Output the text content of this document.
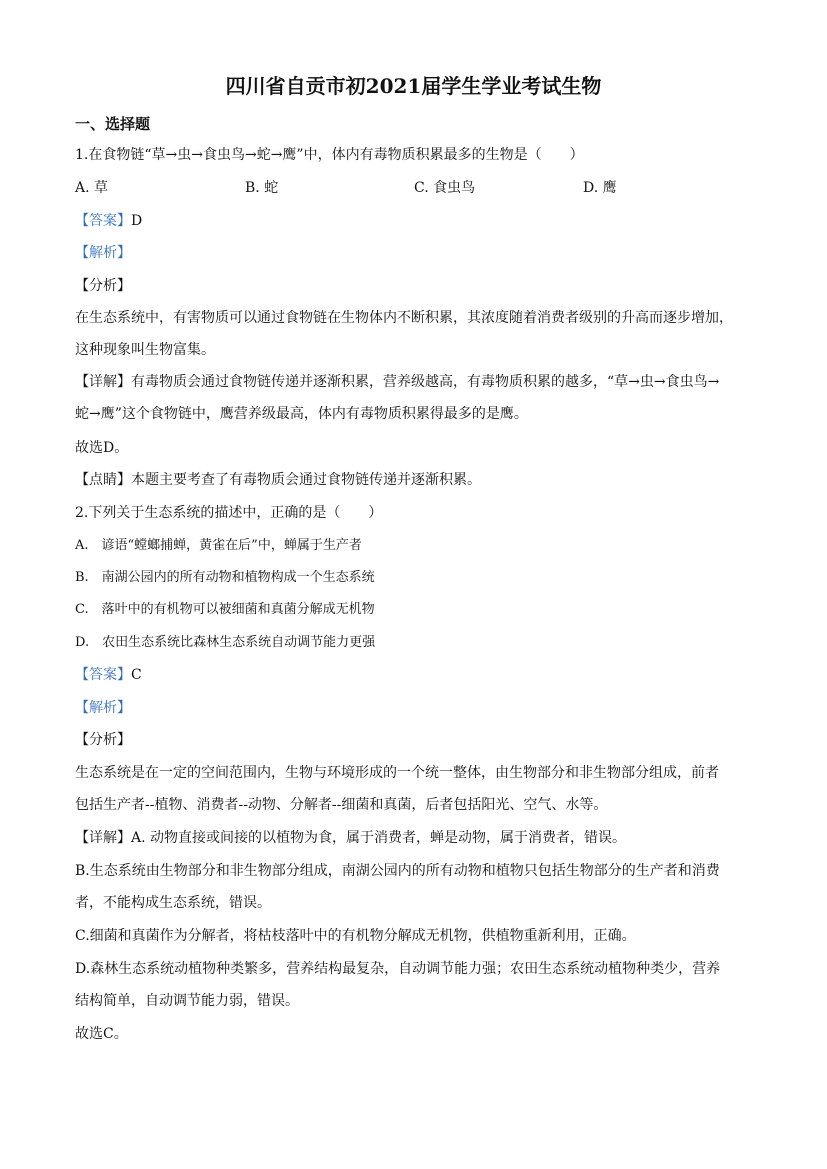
四川省自贡市初2021届学生学业考试生物
一、选择题
1.在食物链“草→虫→食虫鸟→蛇→鹰”中，体内有毒物质积累最多的生物是（　　）
A. 草	B. 蛇	C. 食虫鸟	D. 鹰
【答案】D
【解析】
【分析】
在生态系统中，有害物质可以通过食物链在生物体内不断积累，其浓度随着消费者级别的升高而逐步增加，
这种现象叫生物富集。
【详解】有毒物质会通过食物链传递并逐渐积累，营养级越高，有毒物质积累的越多，“草→虫→食虫鸟→
蛇→鹰”这个食物链中，鹰营养级最高，体内有毒物质积累得最多的是鹰。
故选D。
【点睛】本题主要考查了有毒物质会通过食物链传递并逐渐积累。
2.下列关于生态系统的描述中，正确的是（　　）
A.　谚语“螳螂捕蝉，黄雀在后”中，蝉属于生产者
B.　南湖公园内的所有动物和植物构成一个生态系统
C.　落叶中的有机物可以被细菌和真菌分解成无机物
D.　农田生态系统比森林生态系统自动调节能力更强
【答案】C
【解析】
【分析】
生态系统是在一定的空间范围内，生物与环境形成的一个统一整体，由生物部分和非生物部分组成，前者
包括生产者--植物、消费者--动物、分解者--细菌和真菌，后者包括阳光、空气、水等。
【详解】A. 动物直接或间接的以植物为食，属于消费者，蝉是动物，属于消费者，错误。
B.生态系统由生物部分和非生物部分组成，南湖公园内的所有动物和植物只包括生物部分的生产者和消费
者，不能构成生态系统，错误。
C.细菌和真菌作为分解者，将枯枝落叶中的有机物分解成无机物，供植物重新利用，正确。
D.森林生态系统动植物种类繁多，营养结构最复杂，自动调节能力强；农田生态系统动植物种类少，营养
结构简单，自动调节能力弱，错误。
故选C。
